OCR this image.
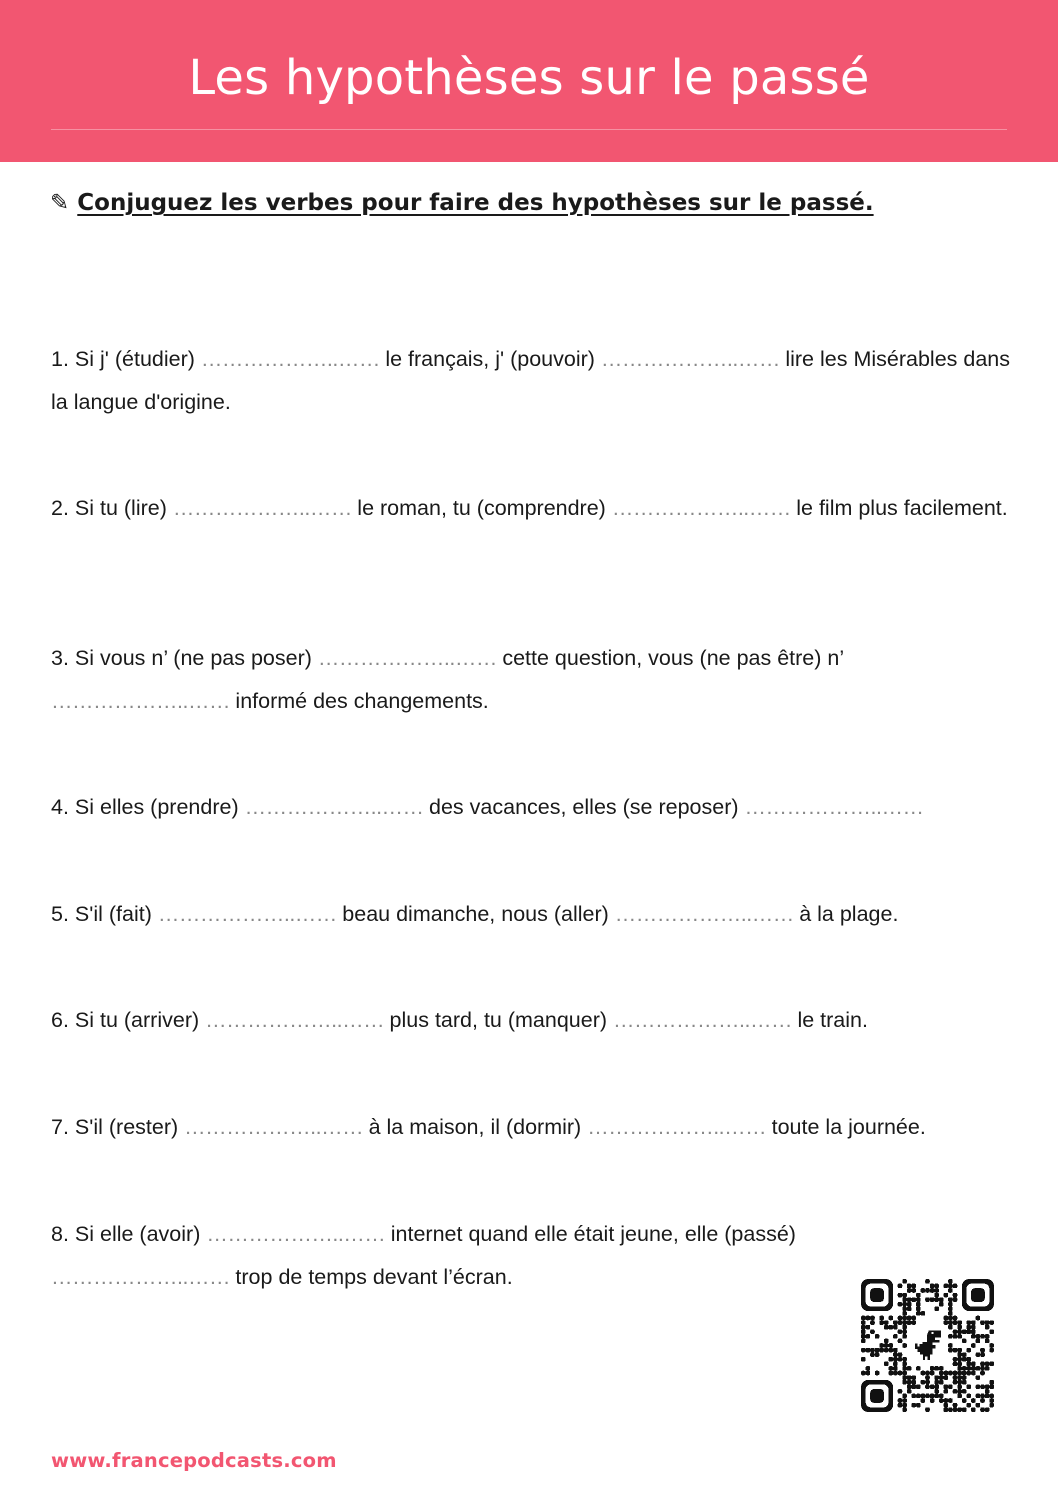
Les hypothèses sur le passé
✎ Conjuguez les verbes pour faire des hypothèses sur le passé.
1. Si j' (étudier) ………………..…… le français, j' (pouvoir) ………………..…… lire les Misérables dans la langue d'origine.
2. Si tu (lire) ………………..…… le roman, tu (comprendre) ………………..…… le film plus facilement.
3. Si vous n’ (ne pas poser) ………………..…… cette question, vous (ne pas être) n’ ………………..…… informé des changements.
4. Si elles (prendre) ………………..…… des vacances, elles (se reposer) ………………..……
5. S'il (fait) ………………..…… beau dimanche, nous (aller) ………………..…… à la plage.
6. Si tu (arriver) ………………..…… plus tard, tu (manquer) ………………..…… le train.
7. S'il (rester) ………………..…… à la maison, il (dormir) ………………..…… toute la journée.
8. Si elle (avoir) ………………..…… internet quand elle était jeune, elle (passé) ………………..…… trop de temps devant l’écran.
www.francepodcasts.com
